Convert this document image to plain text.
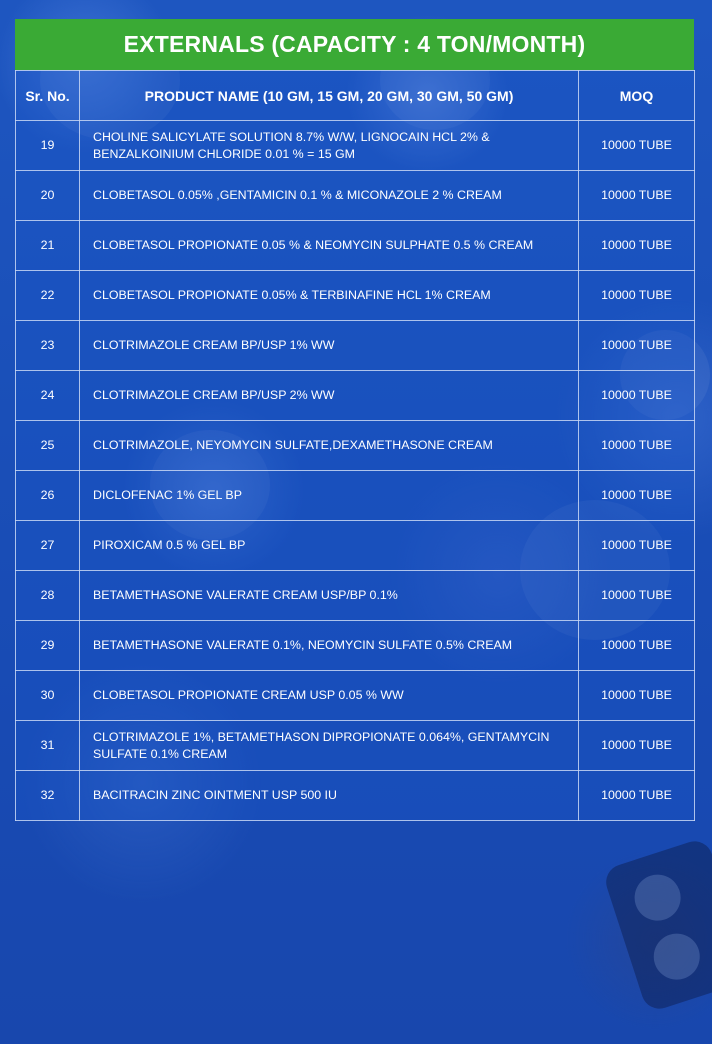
EXTERNALS (CAPACITY : 4 TON/MONTH)
Sr. No.	PRODUCT NAME (10 GM, 15 GM, 20 GM, 30 GM, 50 GM)	MOQ
19	CHOLINE SALICYLATE SOLUTION 8.7% W/W, LIGNOCAIN HCL 2% & BENZALKOINIUM CHLORIDE 0.01 % = 15 GM	10000 TUBE
20	CLOBETASOL 0.05% ,GENTAMICIN 0.1 % & MICONAZOLE 2 % CREAM	10000 TUBE
21	CLOBETASOL PROPIONATE 0.05 % & NEOMYCIN SULPHATE 0.5 % CREAM	10000 TUBE
22	CLOBETASOL PROPIONATE 0.05% & TERBINAFINE HCL 1% CREAM	10000 TUBE
23	CLOTRIMAZOLE CREAM BP/USP 1% WW	10000 TUBE
24	CLOTRIMAZOLE CREAM BP/USP 2% WW	10000 TUBE
25	CLOTRIMAZOLE, NEYOMYCIN SULFATE,DEXAMETHASONE CREAM	10000 TUBE
26	DICLOFENAC 1% GEL BP	10000 TUBE
27	PIROXICAM 0.5 % GEL BP	10000 TUBE
28	BETAMETHASONE VALERATE CREAM USP/BP 0.1%	10000 TUBE
29	BETAMETHASONE VALERATE 0.1%, NEOMYCIN SULFATE 0.5% CREAM	10000 TUBE
30	CLOBETASOL PROPIONATE CREAM USP 0.05 % WW	10000 TUBE
31	CLOTRIMAZOLE 1%, BETAMETHASON DIPROPIONATE 0.064%, GENTAMYCIN SULFATE 0.1% CREAM	10000 TUBE
32	BACITRACIN ZINC OINTMENT USP 500 IU	10000 TUBE
